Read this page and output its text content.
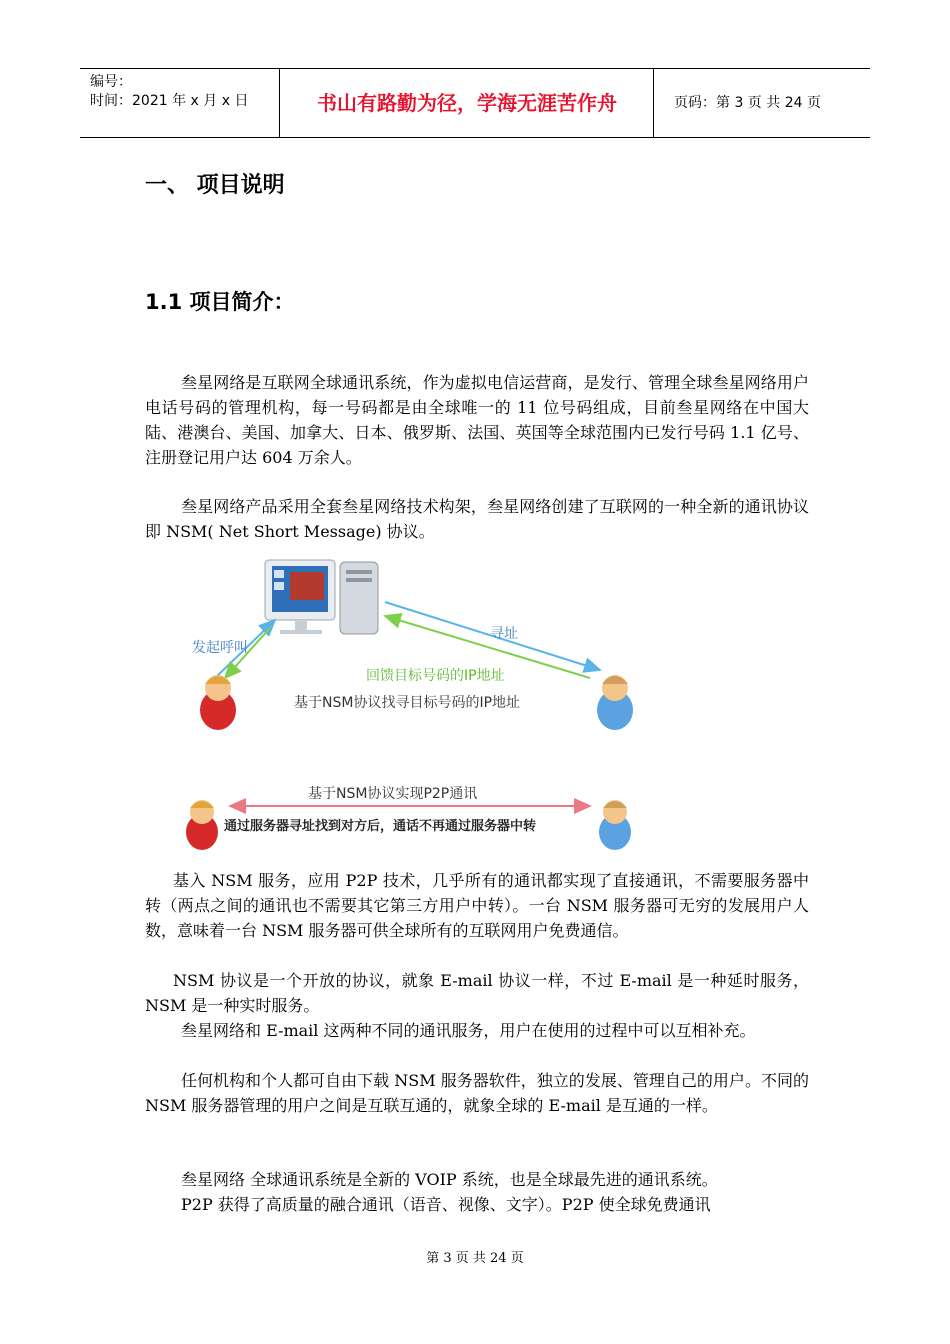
编号：
时间：2021 年 x 月 x 日	书山有路勤为径，学海无涯苦作舟	页码：第 3 页 共 24 页
一、 项目说明
1.1 项目简介：

叁星网络是互联网全球通讯系统，作为虚拟电信运营商，是发行、管理全球叁星网络用户电话号码的管理机构，每一号码都是由全球唯一的 11 位号码组成，目前叁星网络在中国大陆、港澳台、美国、加拿大、日本、俄罗斯、法国、英国等全球范围内已发行号码 1.1 亿号、注册登记用户达 604 万余人。

叁星网络产品采用全套叁星网络技术构架，叁星网络创建了互联网的一种全新的通讯协议即 NSM( Net Short Message) 协议。

发起呼叫
寻址
回馈目标号码的IP地址
基于NSM协议找寻目标号码的IP地址
基于NSM协议实现P2P通讯
通过服务器寻址找到对方后，通话不再通过服务器中转

基入 NSM 服务，应用 P2P 技术，几乎所有的通讯都实现了直接通讯，不需要服务器中转（两点之间的通讯也不需要其它第三方用户中转）。一台 NSM 服务器可无穷的发展用户人数，意味着一台 NSM 服务器可供全球所有的互联网用户免费通信。

NSM 协议是一个开放的协议，就象 E-mail 协议一样，不过 E-mail 是一种延时服务，NSM 是一种实时服务。

叁星网络和 E-mail 这两种不同的通讯服务，用户在使用的过程中可以互相补充。

任何机构和个人都可自由下载 NSM 服务器软件，独立的发展、管理自己的用户。不同的 NSM 服务器管理的用户之间是互联互通的，就象全球的 E-mail 是互通的一样。

叁星网络 全球通讯系统是全新的 VOIP 系统，也是全球最先进的通讯系统。

P2P 获得了高质量的融合通讯（语音、视像、文字）。P2P 使全球免费通讯

第 3 页 共 24 页
